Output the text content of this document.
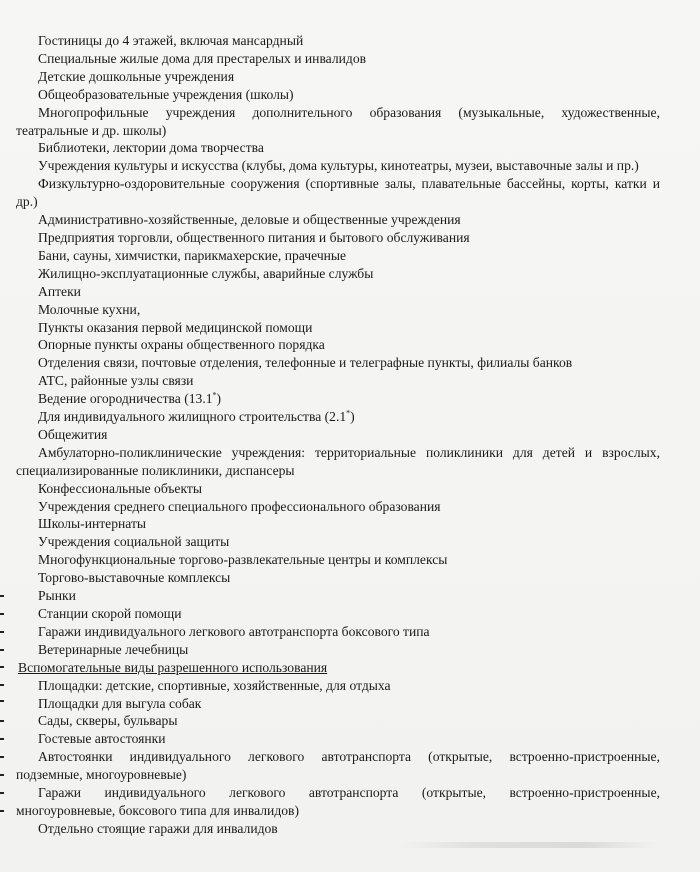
Гостиницы до 4 этажей, включая мансардный
Специальные жилые дома для престарелых и инвалидов
Детские дошкольные учреждения
Общеобразовательные учреждения (школы)
Многопрофильные учреждения дополнительного образования (музыкальные, художественные, театральные и др. школы)
Библиотеки, лектории дома творчества
Учреждения культуры и искусства (клубы, дома культуры, кинотеатры, музеи, выставочные залы и пр.)
Физкультурно-оздоровительные сооружения (спортивные залы, плавательные бассейны, корты, катки и др.)
Административно-хозяйственные, деловые и общественные учреждения
Предприятия торговли, общественного питания и бытового обслуживания
Бани, сауны, химчистки, парикмахерские, прачечные
Жилищно-эксплуатационные службы, аварийные службы
Аптеки
Молочные кухни,
Пункты оказания первой медицинской помощи
Опорные пункты охраны общественного порядка
Отделения связи, почтовые отделения, телефонные и телеграфные пункты, филиалы банков
АТС, районные узлы связи
Ведение огородничества (13.1*)
Для индивидуального жилищного строительства (2.1*)
Общежития
Амбулаторно-поликлинические учреждения: территориальные поликлиники для детей и взрослых, специализированные поликлиники, диспансеры
Конфессиональные объекты
Учреждения среднего специального профессионального образования
Школы-интернаты
Учреждения социальной защиты
Многофункциональные торгово-развлекательные центры и комплексы
Торгово-выставочные комплексы
Рынки
Станции скорой помощи
Гаражи индивидуального легкового автотранспорта боксового типа
Ветеринарные лечебницы
Вспомогательные виды разрешенного использования
Площадки: детские, спортивные, хозяйственные, для отдыха
Площадки для выгула собак
Сады, скверы, бульвары
Гостевые автостоянки
Автостоянки индивидуального легкового автотранспорта (открытые, встроенно-пристроенные, подземные, многоуровневые)
Гаражи индивидуального легкового автотранспорта (открытые, встроенно-пристроенные, многоуровневые, боксового типа для инвалидов)
Отдельно стоящие гаражи для инвалидов
